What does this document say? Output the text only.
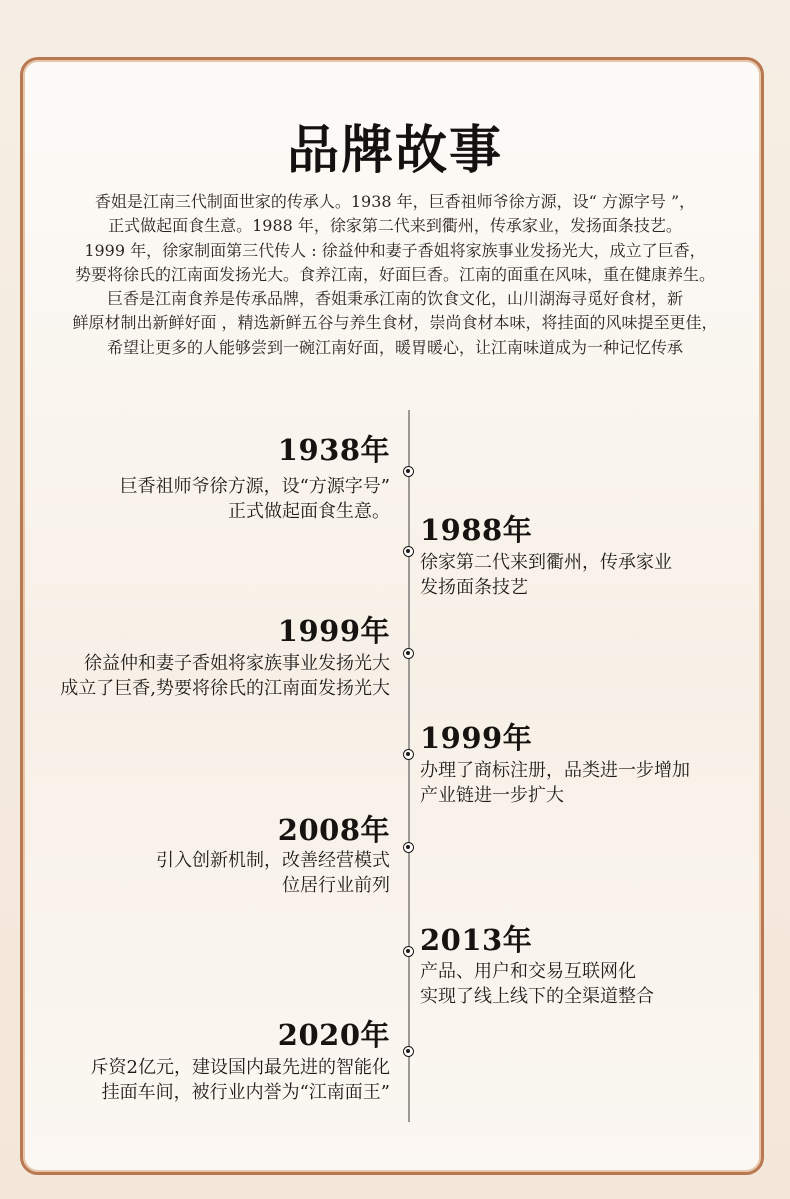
品牌故事
香姐是江南三代制面世家的传承人。1938 年，巨香祖师爷徐方源，设“ 方源字号 ”，
正式做起面食生意。1988 年，徐家第二代来到衢州，传承家业，发扬面条技艺。
1999 年，徐家制面第三代传人 : 徐益仲和妻子香姐将家族事业发扬光大，成立了巨香，
势要将徐氏的江南面发扬光大。食养江南，好面巨香。江南的面重在风味，重在健康养生。
巨香是江南食养是传承品牌，香姐秉承江南的饮食文化，山川湖海寻觅好食材，新
鲜原材制出新鲜好面 ，精选新鲜五谷与养生食材，崇尚食材本味，将挂面的风味提至更佳，
希望让更多的人能够尝到一碗江南好面，暖胃暖心，让江南味道成为一种记忆传承
1938年
巨香祖师爷徐方源，设“方源字号”
正式做起面食生意。
1988年
徐家第二代来到衢州，传承家业
发扬面条技艺
1999年
徐益仲和妻子香姐将家族事业发扬光大
成立了巨香,势要将徐氏的江南面发扬光大
1999年
办理了商标注册，品类进一步增加
产业链进一步扩大
2008年
引入创新机制，改善经营模式
位居行业前列
2013年
产品、用户和交易互联网化
实现了线上线下的全渠道整合
2020年
斥资2亿元，建设国内最先进的智能化
挂面车间，被行业内誉为“江南面王”
